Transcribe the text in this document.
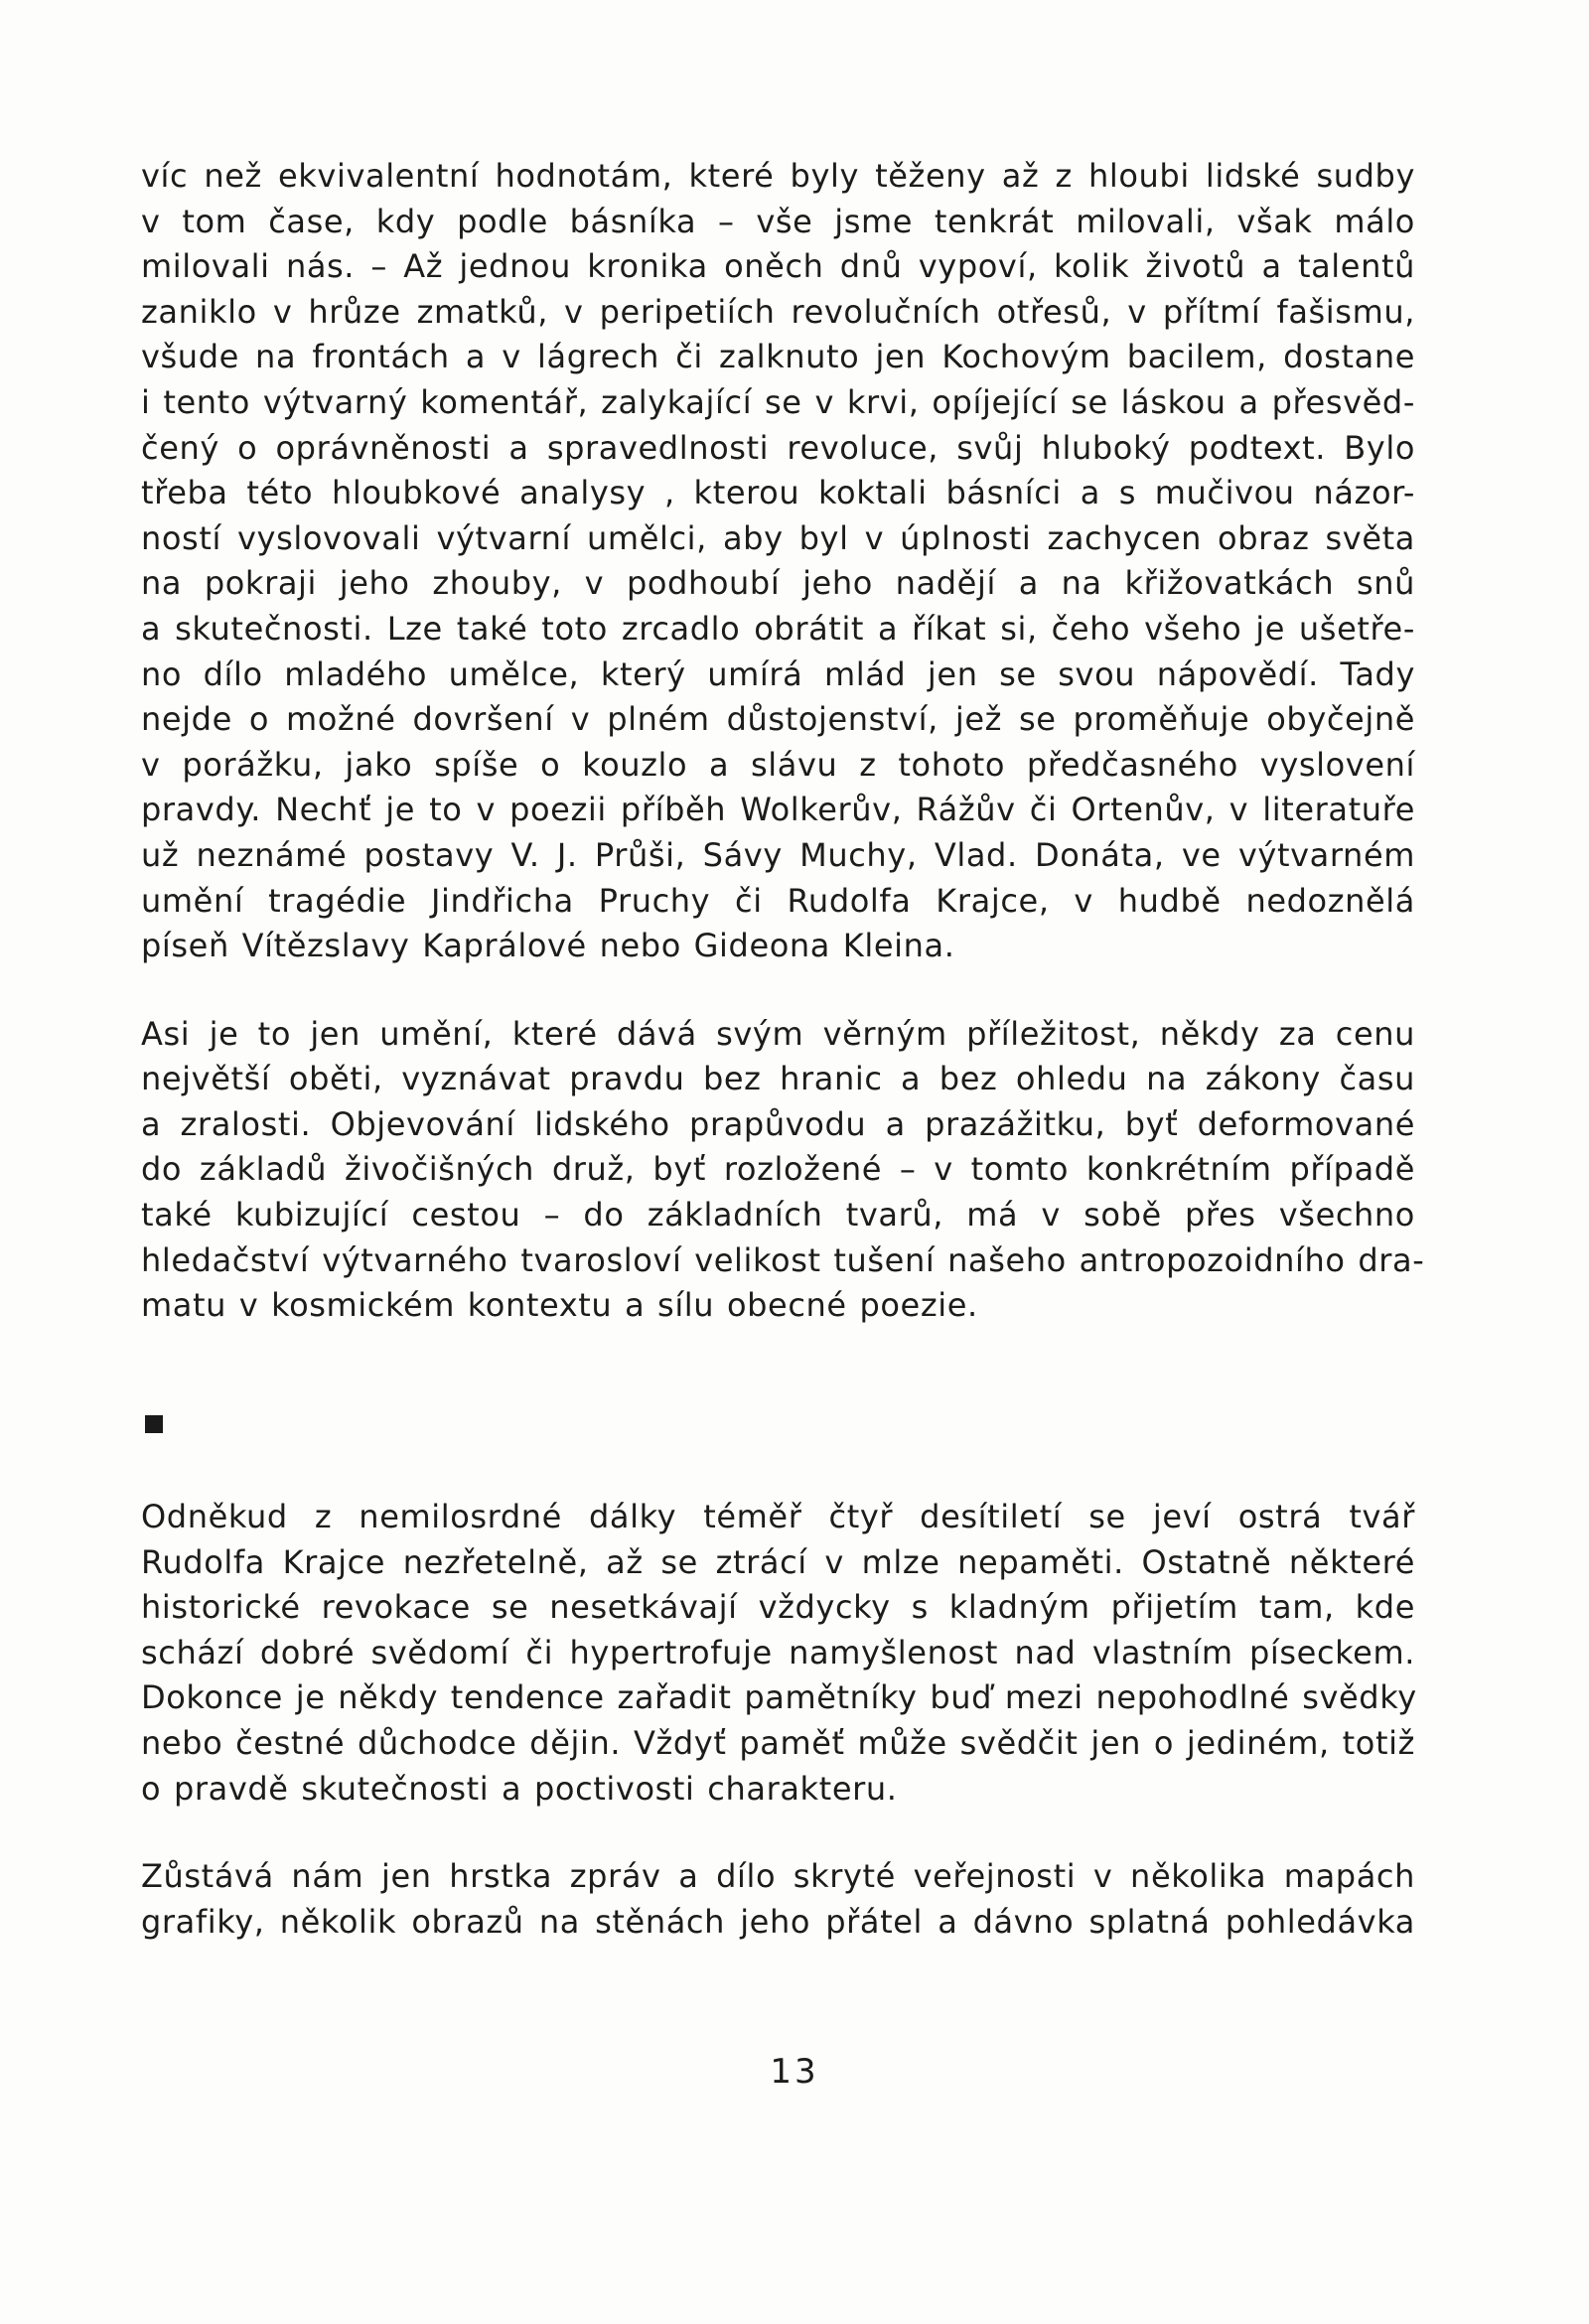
víc než ekvivalentní hodnotám, které byly těženy až z hloubi lidské sudby
v tom čase, kdy podle básníka – vše jsme tenkrát milovali, však málo
milovali nás. – Až jednou kronika oněch dnů vypoví, kolik životů a talentů
zaniklo v hrůze zmatků, v peripetiích revolučních otřesů, v přítmí fašismu,
všude na frontách a v lágrech či zalknuto jen Kochovým bacilem, dostane
i tento výtvarný komentář, zalykající se v krvi, opíjející se láskou a přesvěd-
čený o oprávněnosti a spravedlnosti revoluce, svůj hluboký podtext. Bylo
třeba této hloubkové analysy , kterou koktali básníci a s mučivou názor-
ností vyslovovali výtvarní umělci, aby byl v úplnosti zachycen obraz světa
na pokraji jeho zhouby, v podhoubí jeho nadějí a na křižovatkách snů
a skutečnosti. Lze také toto zrcadlo obrátit a říkat si, čeho všeho je ušetře-
no dílo mladého umělce, který umírá mlád jen se svou nápovědí. Tady
nejde o možné dovršení v plném důstojenství, jež se proměňuje obyčejně
v porážku, jako spíše o kouzlo a slávu z tohoto předčasného vyslovení
pravdy. Nechť je to v poezii příběh Wolkerův, Rážův či Ortenův, v literatuře
už neznámé postavy V. J. Průši, Sávy Muchy, Vlad. Donáta, ve výtvarném
umění tragédie Jindřicha Pruchy či Rudolfa Krajce, v hudbě nedoznělá
píseň Vítězslavy Kaprálové nebo Gideona Kleina.
Asi je to jen umění, které dává svým věrným příležitost, někdy za cenu
největší oběti, vyznávat pravdu bez hranic a bez ohledu na zákony času
a zralosti. Objevování lidského prapůvodu a prazážitku, byť deformované
do základů živočišných druž, byť rozložené – v tomto konkrétním případě
také kubizující cestou – do základních tvarů, má v sobě přes všechno
hledačství výtvarného tvarosloví velikost tušení našeho antropozoidního dra-
matu v kosmickém kontextu a sílu obecné poezie.
Odněkud z nemilosrdné dálky téměř čtyř desítiletí se jeví ostrá tvář
Rudolfa Krajce nezřetelně, až se ztrácí v mlze nepaměti. Ostatně některé
historické revokace se nesetkávají vždycky s kladným přijetím tam, kde
schází dobré svědomí či hypertrofuje namyšlenost nad vlastním píseckem.
Dokonce je někdy tendence zařadit pamětníky buď mezi nepohodlné svědky
nebo čestné důchodce dějin. Vždyť paměť může svědčit jen o jediném, totiž
o pravdě skutečnosti a poctivosti charakteru.
Zůstává nám jen hrstka zpráv a dílo skryté veřejnosti v několika mapách
grafiky, několik obrazů na stěnách jeho přátel a dávno splatná pohledávka
13
